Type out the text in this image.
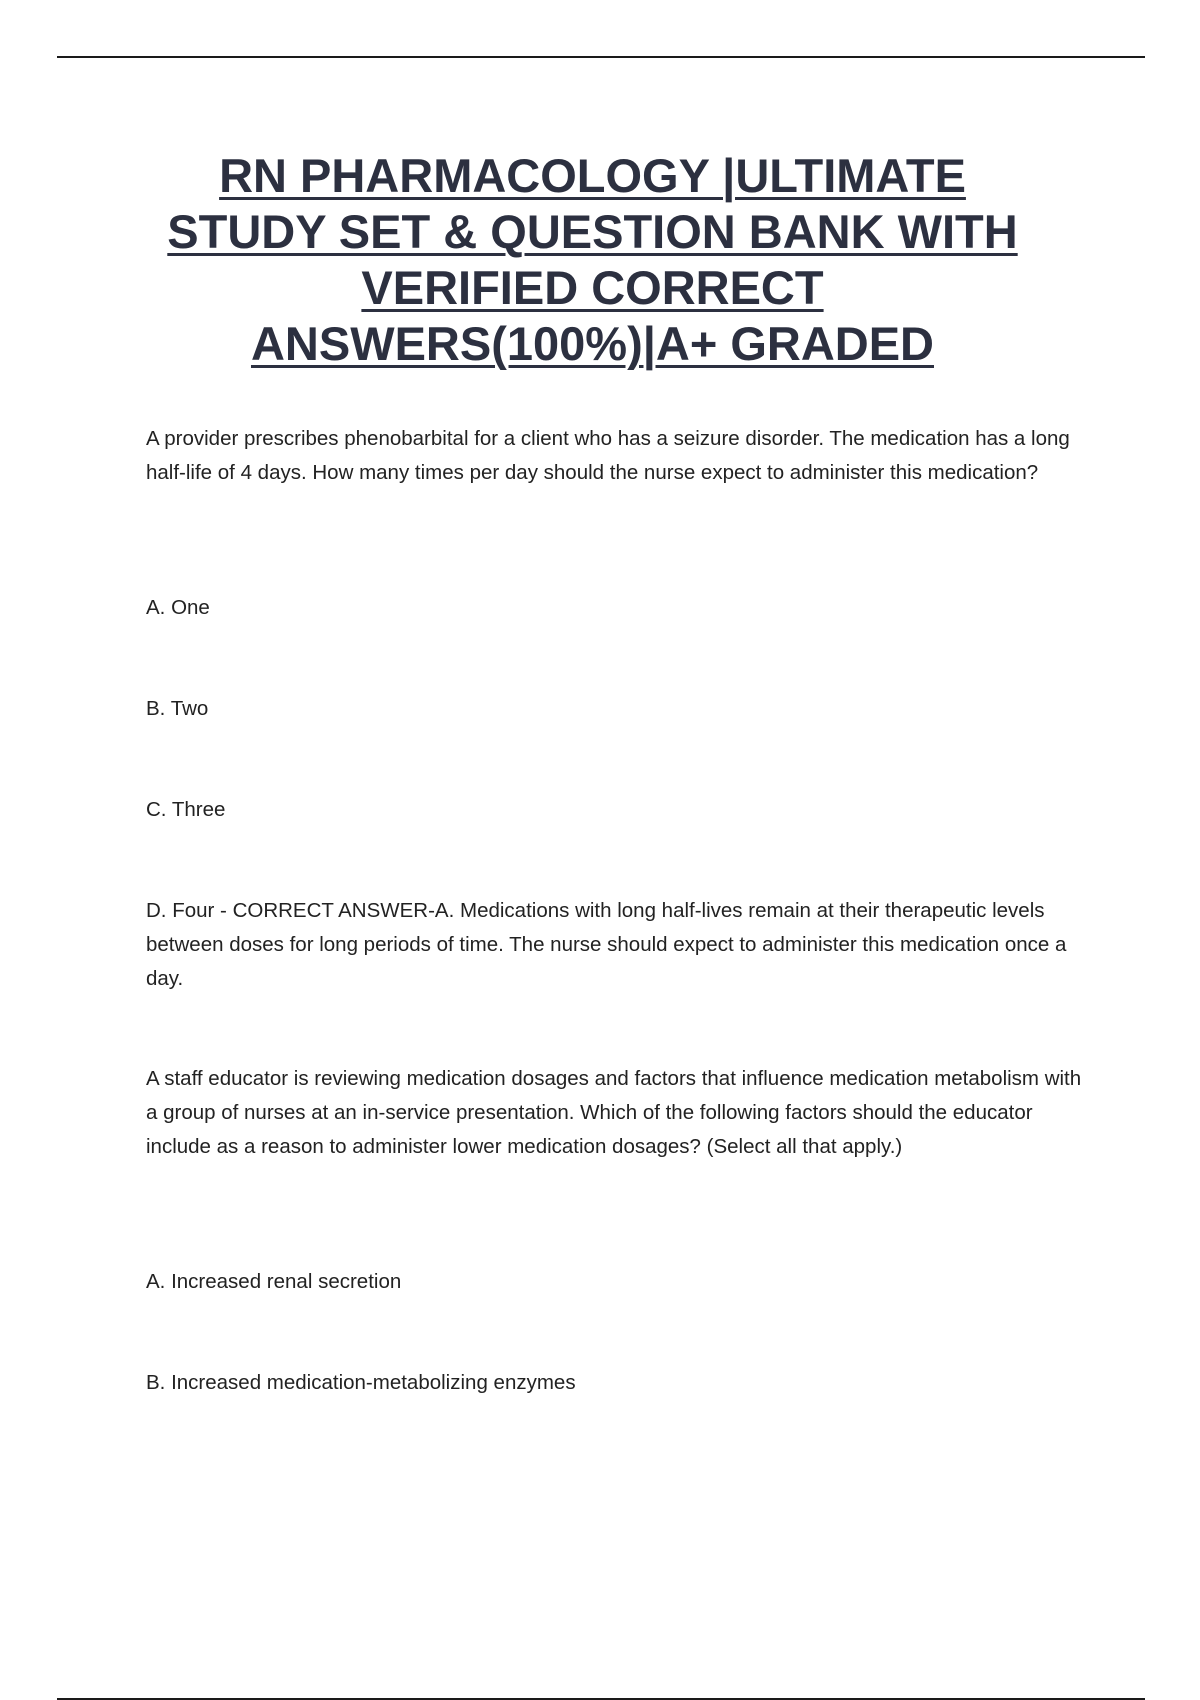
RN PHARMACOLOGY |ULTIMATE
STUDY SET & QUESTION BANK WITH
VERIFIED CORRECT
ANSWERS(100%)|A+ GRADED

A provider prescribes phenobarbital for a client who has a seizure disorder. The medication has a long half-life of 4 days. How many times per day should the nurse expect to administer this medication?

A. One

B. Two

C. Three

D. Four - CORRECT ANSWER-A. Medications with long half-lives remain at their therapeutic levels between doses for long periods of time. The nurse should expect to administer this medication once a day.

A staff educator is reviewing medication dosages and factors that influence medication metabolism with a group of nurses at an in-service presentation. Which of the following factors should the educator include as a reason to administer lower medication dosages? (Select all that apply.)

A. Increased renal secretion

B. Increased medication-metabolizing enzymes
